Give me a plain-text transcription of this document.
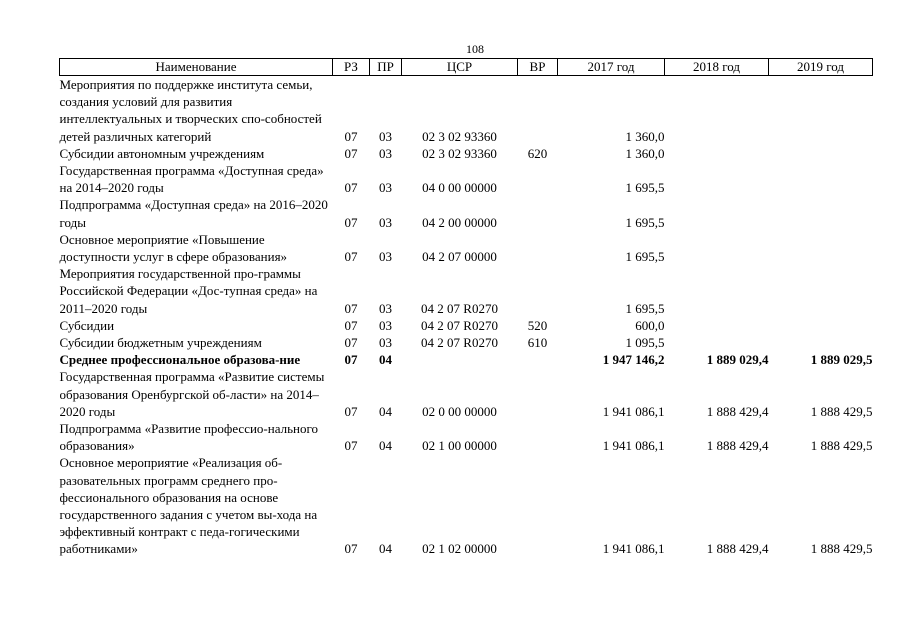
108
Наименование	РЗ	ПР	ЦСР	ВР	2017 год	2018 год	2019 год
Мероприятия по поддержке института семьи, создания условий для развития интеллектуальных и творческих спо-собностей детей различных категорий	07	03	02 3 02 93360		1 360,0		
Субсидии автономным учреждениям	07	03	02 3 02 93360	620	1 360,0		
Государственная программа «Доступная среда» на 2014–2020 годы	07	03	04 0 00 00000		1 695,5		
Подпрограмма «Доступная среда» на 2016–2020 годы	07	03	04 2 00 00000		1 695,5		
Основное мероприятие «Повышение доступности услуг в сфере образования»	07	03	04 2 07 00000		1 695,5		
Мероприятия государственной про-граммы Российской Федерации «Дос-тупная среда» на 2011–2020 годы	07	03	04 2 07 R0270		1 695,5		
Субсидии	07	03	04 2 07 R0270	520	600,0		
Субсидии бюджетным учреждениям	07	03	04 2 07 R0270	610	1 095,5		
Среднее профессиональное образова-ние	07	04			1 947 146,2	1 889 029,4	1 889 029,5
Государственная программа «Развитие системы образования Оренбургской об-ласти» на 2014–2020 годы	07	04	02 0 00 00000		1 941 086,1	1 888 429,4	1 888 429,5
Подпрограмма «Развитие профессио-нального образования»	07	04	02 1 00 00000		1 941 086,1	1 888 429,4	1 888 429,5
Основное мероприятие «Реализация об-разовательных программ среднего про-фессионального образования на основе государственного задания с учетом вы-хода на эффективный контракт с педа-гогическими работниками»	07	04	02 1 02 00000		1 941 086,1	1 888 429,4	1 888 429,5
